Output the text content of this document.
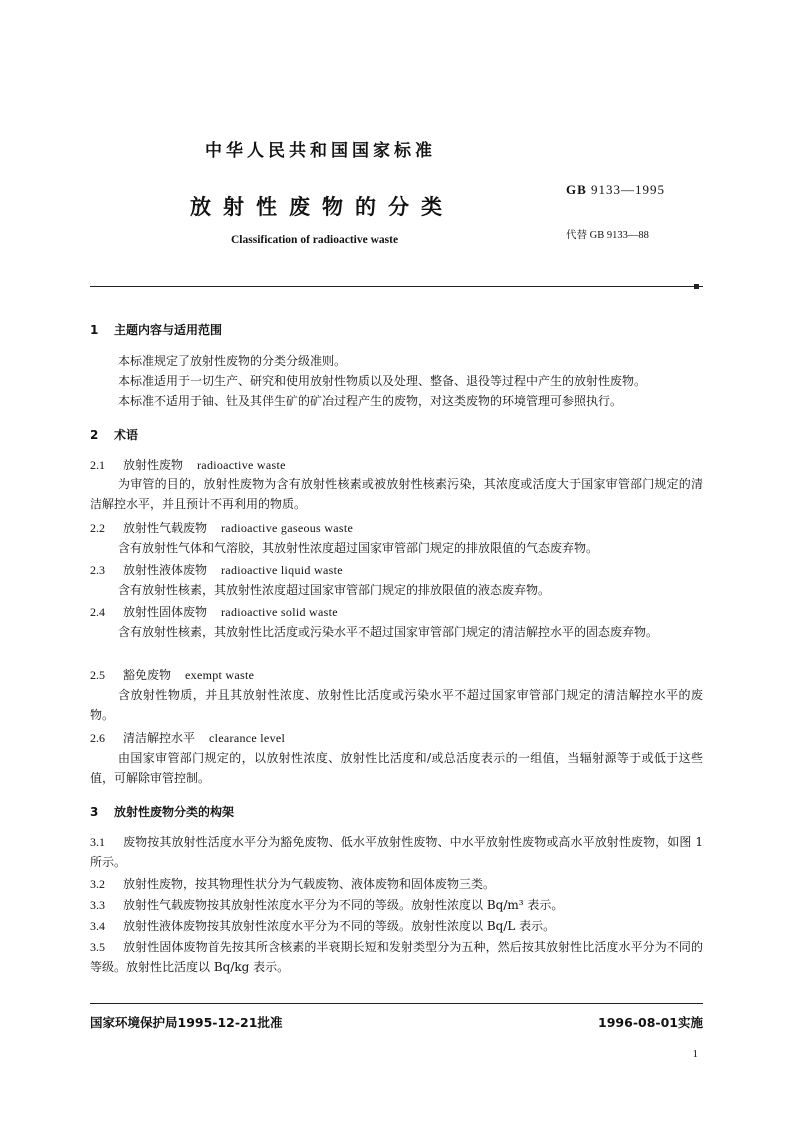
中华人民共和国国家标准
放射性废物的分类
Classification of radioactive waste
GB 9133—1995
代替 GB 9133—88
1 主题内容与适用范围
本标准规定了放射性废物的分类分级准则。
本标准适用于一切生产、研究和使用放射性物质以及处理、整备、退役等过程中产生的放射性废物。
本标准不适用于铀、钍及其伴生矿的矿冶过程产生的废物，对这类废物的环境管理可参照执行。
2 术语
2.1 放射性废物 radioactive waste
为审管的目的，放射性废物为含有放射性核素或被放射性核素污染，其浓度或活度大于国家审管部门规定的清洁解控水平，并且预计不再利用的物质。
2.2 放射性气载废物 radioactive gaseous waste
含有放射性气体和气溶胶，其放射性浓度超过国家审管部门规定的排放限值的气态废弃物。
2.3 放射性液体废物 radioactive liquid waste
含有放射性核素，其放射性浓度超过国家审管部门规定的排放限值的液态废弃物。
2.4 放射性固体废物 radioactive solid waste
含有放射性核素，其放射性比活度或污染水平不超过国家审管部门规定的清洁解控水平的固态废弃物。
2.5 豁免废物 exempt waste
含放射性物质，并且其放射性浓度、放射性比活度或污染水平不超过国家审管部门规定的清洁解控水平的废物。
2.6 清洁解控水平 clearance level
由国家审管部门规定的，以放射性浓度、放射性比活度和/或总活度表示的一组值，当辐射源等于或低于这些值，可解除审管控制。
3 放射性废物分类的构架
3.1 废物按其放射性活度水平分为豁免废物、低水平放射性废物、中水平放射性废物或高水平放射性废物，如图 1 所示。
3.2 放射性废物，按其物理性状分为气载废物、液体废物和固体废物三类。
3.3 放射性气载废物按其放射性浓度水平分为不同的等级。放射性浓度以 Bq/m³ 表示。
3.4 放射性液体废物按其放射性浓度水平分为不同的等级。放射性浓度以 Bq/L 表示。
3.5 放射性固体废物首先按其所含核素的半衰期长短和发射类型分为五种，然后按其放射性比活度水平分为不同的等级。放射性比活度以 Bq/kg 表示。
国家环境保护局1995-12-21批准	1996-08-01实施
1
